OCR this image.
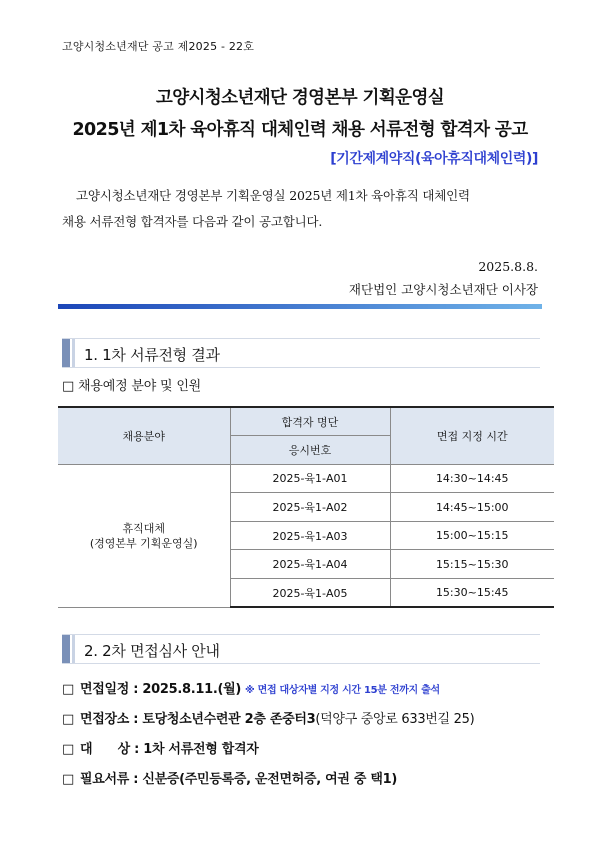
고양시청소년재단 공고 제2025 - 22호
고양시청소년재단 경영본부 기획운영실
2025년 제1차 육아휴직 대체인력 채용 서류전형 합격자 공고
[기간제계약직(육아휴직대체인력)]
고양시청소년재단 경영본부 기획운영실 2025년 제1차 육아휴직 대체인력
채용 서류전형 합격자를 다음과 같이 공고합니다.
2025.8.8.
재단법인 고양시청소년재단 이사장
1. 1차 서류전형 결과
□ 채용예정 분야 및 인원
채용분야	합격자 명단	면접 지정 시간
	응시번호	

휴직대체
(경영본부 기획운영실)	2025-육1-A01	14:30~14:45
	2025-육1-A02	14:45~15:00
	2025-육1-A03	15:00~15:15
	2025-육1-A04	15:15~15:30
	2025-육1-A05	15:30~15:45
2. 2차 면접심사 안내
□ 면접일정 : 2025.8.11.(월) ※ 면접 대상자별 지정 시간 15분 전까지 출석
□ 면접장소 : 토당청소년수련관 2층 존중터3(덕양구 중앙로 633번길 25)
□ 대      상 : 1차 서류전형 합격자
□ 필요서류 : 신분증(주민등록증, 운전면허증, 여권 중 택1)
